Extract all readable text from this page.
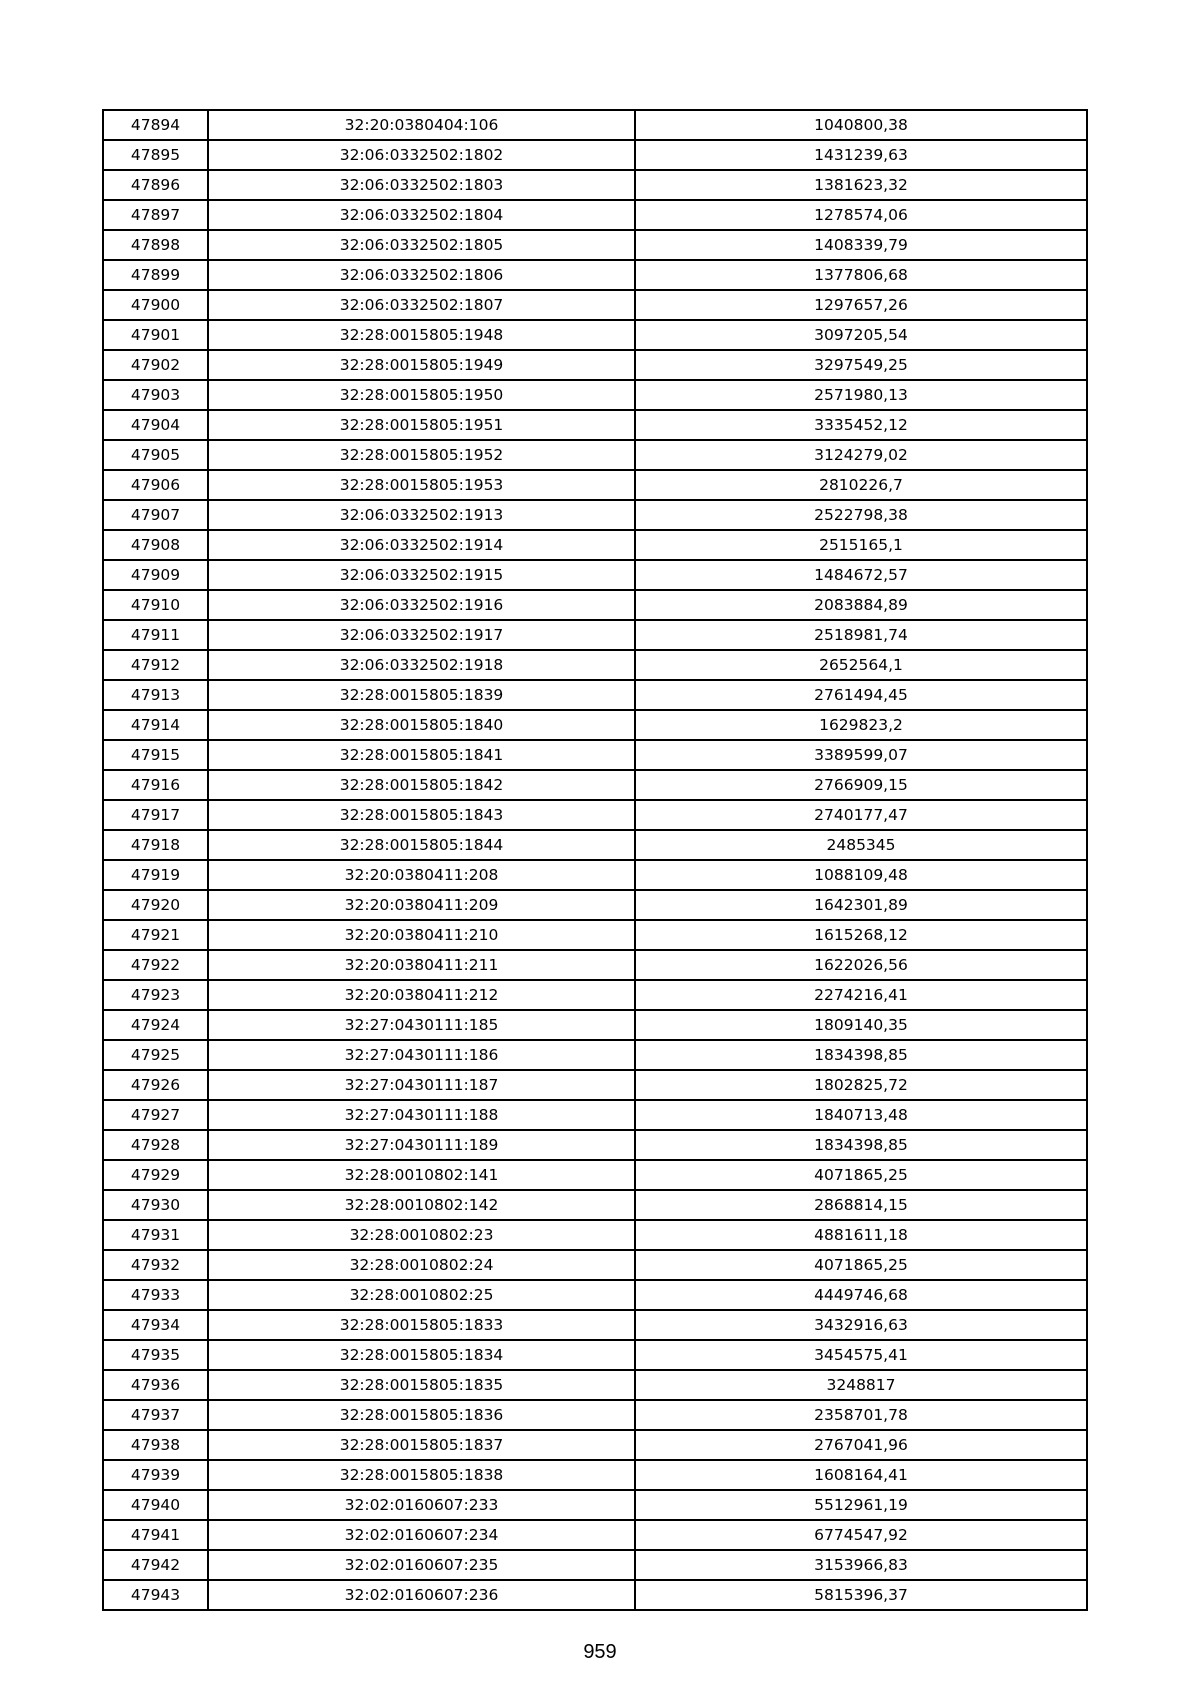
47894	32:20:0380404:106	1040800,38
47895	32:06:0332502:1802	1431239,63
47896	32:06:0332502:1803	1381623,32
47897	32:06:0332502:1804	1278574,06
47898	32:06:0332502:1805	1408339,79
47899	32:06:0332502:1806	1377806,68
47900	32:06:0332502:1807	1297657,26
47901	32:28:0015805:1948	3097205,54
47902	32:28:0015805:1949	3297549,25
47903	32:28:0015805:1950	2571980,13
47904	32:28:0015805:1951	3335452,12
47905	32:28:0015805:1952	3124279,02
47906	32:28:0015805:1953	2810226,7
47907	32:06:0332502:1913	2522798,38
47908	32:06:0332502:1914	2515165,1
47909	32:06:0332502:1915	1484672,57
47910	32:06:0332502:1916	2083884,89
47911	32:06:0332502:1917	2518981,74
47912	32:06:0332502:1918	2652564,1
47913	32:28:0015805:1839	2761494,45
47914	32:28:0015805:1840	1629823,2
47915	32:28:0015805:1841	3389599,07
47916	32:28:0015805:1842	2766909,15
47917	32:28:0015805:1843	2740177,47
47918	32:28:0015805:1844	2485345
47919	32:20:0380411:208	1088109,48
47920	32:20:0380411:209	1642301,89
47921	32:20:0380411:210	1615268,12
47922	32:20:0380411:211	1622026,56
47923	32:20:0380411:212	2274216,41
47924	32:27:0430111:185	1809140,35
47925	32:27:0430111:186	1834398,85
47926	32:27:0430111:187	1802825,72
47927	32:27:0430111:188	1840713,48
47928	32:27:0430111:189	1834398,85
47929	32:28:0010802:141	4071865,25
47930	32:28:0010802:142	2868814,15
47931	32:28:0010802:23	4881611,18
47932	32:28:0010802:24	4071865,25
47933	32:28:0010802:25	4449746,68
47934	32:28:0015805:1833	3432916,63
47935	32:28:0015805:1834	3454575,41
47936	32:28:0015805:1835	3248817
47937	32:28:0015805:1836	2358701,78
47938	32:28:0015805:1837	2767041,96
47939	32:28:0015805:1838	1608164,41
47940	32:02:0160607:233	5512961,19
47941	32:02:0160607:234	6774547,92
47942	32:02:0160607:235	3153966,83
47943	32:02:0160607:236	5815396,37
959
